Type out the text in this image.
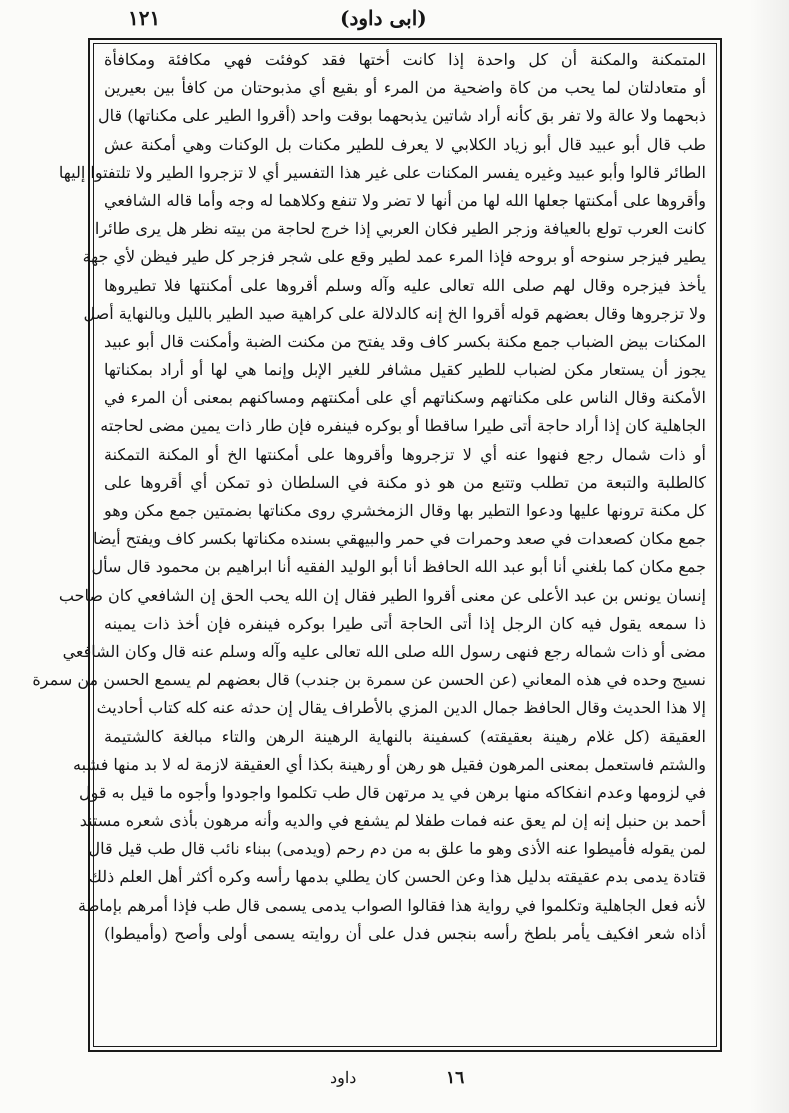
١٢١	(ابى داود)
المتمكنة والمكنة أن كل واحدة إذا كانت أختها فقد كوفئت فهي مكافئة ومكافأة
أو متعادلتان لما يحب من كاة واضحية من المرء أو بقيع أي مذبوحتان من كافأ بين بعيرين
ذبحهما ولا عالة ولا تفر بق كأنه أراد شاتين يذبحهما بوقت واحد (أقروا الطير على مكناتها) قال
طب قال أبو عبيد قال أبو زياد الكلابي لا يعرف للطير مكنات بل الوكنات وهي أمكنة عش
الطائر قالوا وأبو عبيد وغيره يفسر المكنات على غير هذا التفسير أي لا تزجروا الطير ولا تلتفتوا إليها
وأقروها على أمكنتها جعلها الله لها من أنها لا تضر ولا تنفع وكلاهما له وجه وأما قاله الشافعي
كانت العرب تولع بالعيافة وزجر الطير فكان العربي إذا خرج لحاجة من بيته نظر هل يرى طائرا
يطير فيزجر سنوحه أو بروحه فإذا المرء عمد لطير وقع على شجر فزجر كل طير فيظن لأي جهة
يأخذ فيزجره وقال لهم صلى الله تعالى عليه وآله وسلم أقروها على أمكنتها فلا تطيروها
ولا تزجروها وقال بعضهم قوله أقروا الخ إنه كالدلالة على كراهية صيد الطير بالليل وبالنهاية أصل
المكنات بيض الضباب جمع مكنة بكسر كاف وقد يفتح من مكنت الضبة وأمكنت قال أبو عبيد
يجوز أن يستعار مكن لضباب للطير كقيل مشافر للغير الإبل وإنما هي لها أو أراد بمكناتها
الأمكنة وقال الناس على مكناتهم وسكناتهم أي على أمكنتهم ومساكنهم بمعنى أن المرء في
الجاهلية كان إذا أراد حاجة أتى طيرا ساقطا أو بوكره فينفره فإن طار ذات يمين مضى لحاجته
أو ذات شمال رجع فنهوا عنه أي لا تزجروها وأقروها على أمكنتها الخ أو المكنة التمكنة
كالطلبة والتبعة من تطلب وتتبع من هو ذو مكنة في السلطان ذو تمكن أي أقروها على
كل مكنة ترونها عليها ودعوا التطير بها وقال الزمخشري روى مكناتها بضمتين جمع مكن وهو
جمع مكان كصعدات في صعد وحمرات في حمر والبيهقي بسنده مكناتها بكسر كاف ويفتح أيضا
جمع مكان كما بلغني أنا أبو عبد الله الحافظ أنا أبو الوليد الفقيه أنا ابراهيم بن محمود قال سأل
إنسان يونس بن عبد الأعلى عن معنى أقروا الطير فقال إن الله يحب الحق إن الشافعي كان صاحب
ذا سمعه يقول فيه كان الرجل إذا أتى الحاجة أتى طيرا بوكره فينفره فإن أخذ ذات يمينه
مضى أو ذات شماله رجع فنهى رسول الله صلى الله تعالى عليه وآله وسلم عنه قال وكان الشافعي
نسيج وحده في هذه المعاني (عن الحسن عن سمرة بن جندب) قال بعضهم لم يسمع الحسن من سمرة
إلا هذا الحديث وقال الحافظ جمال الدين المزي بالأطراف يقال إن حدثه عنه كله كتاب أحاديث
العقيقة (كل غلام رهينة بعقيقته) كسفينة بالنهاية الرهينة الرهن والتاء مبالغة كالشتيمة
والشتم فاستعمل بمعنى المرهون فقيل هو رهن أو رهينة بكذا أي العقيقة لازمة له لا بد منها فشبه
في لزومها وعدم انفكاكه منها برهن في يد مرتهن قال طب تكلموا واجودوا وأجوه ما قيل به قول
أحمد بن حنبل إنه إن لم يعق عنه فمات طفلا لم يشفع في والديه وأنه مرهون بأذى شعره مستند
لمن يقوله فأميطوا عنه الأذى وهو ما علق به من دم رحم (ويدمى) ببناء نائب قال طب قيل قال
قتادة يدمى بدم عقيقته بدليل هذا وعن الحسن كان يطلي بدمها رأسه وكره أكثر أهل العلم ذلك
لأنه فعل الجاهلية وتكلموا في رواية هذا فقالوا الصواب يدمى يسمى قال طب فإذا أمرهم بإماطة
أذاه شعر افكيف يأمر بلطخ رأسه بنجس فدل على أن روايته يسمى أولى وأصح (وأميطوا)
داود	١٦
